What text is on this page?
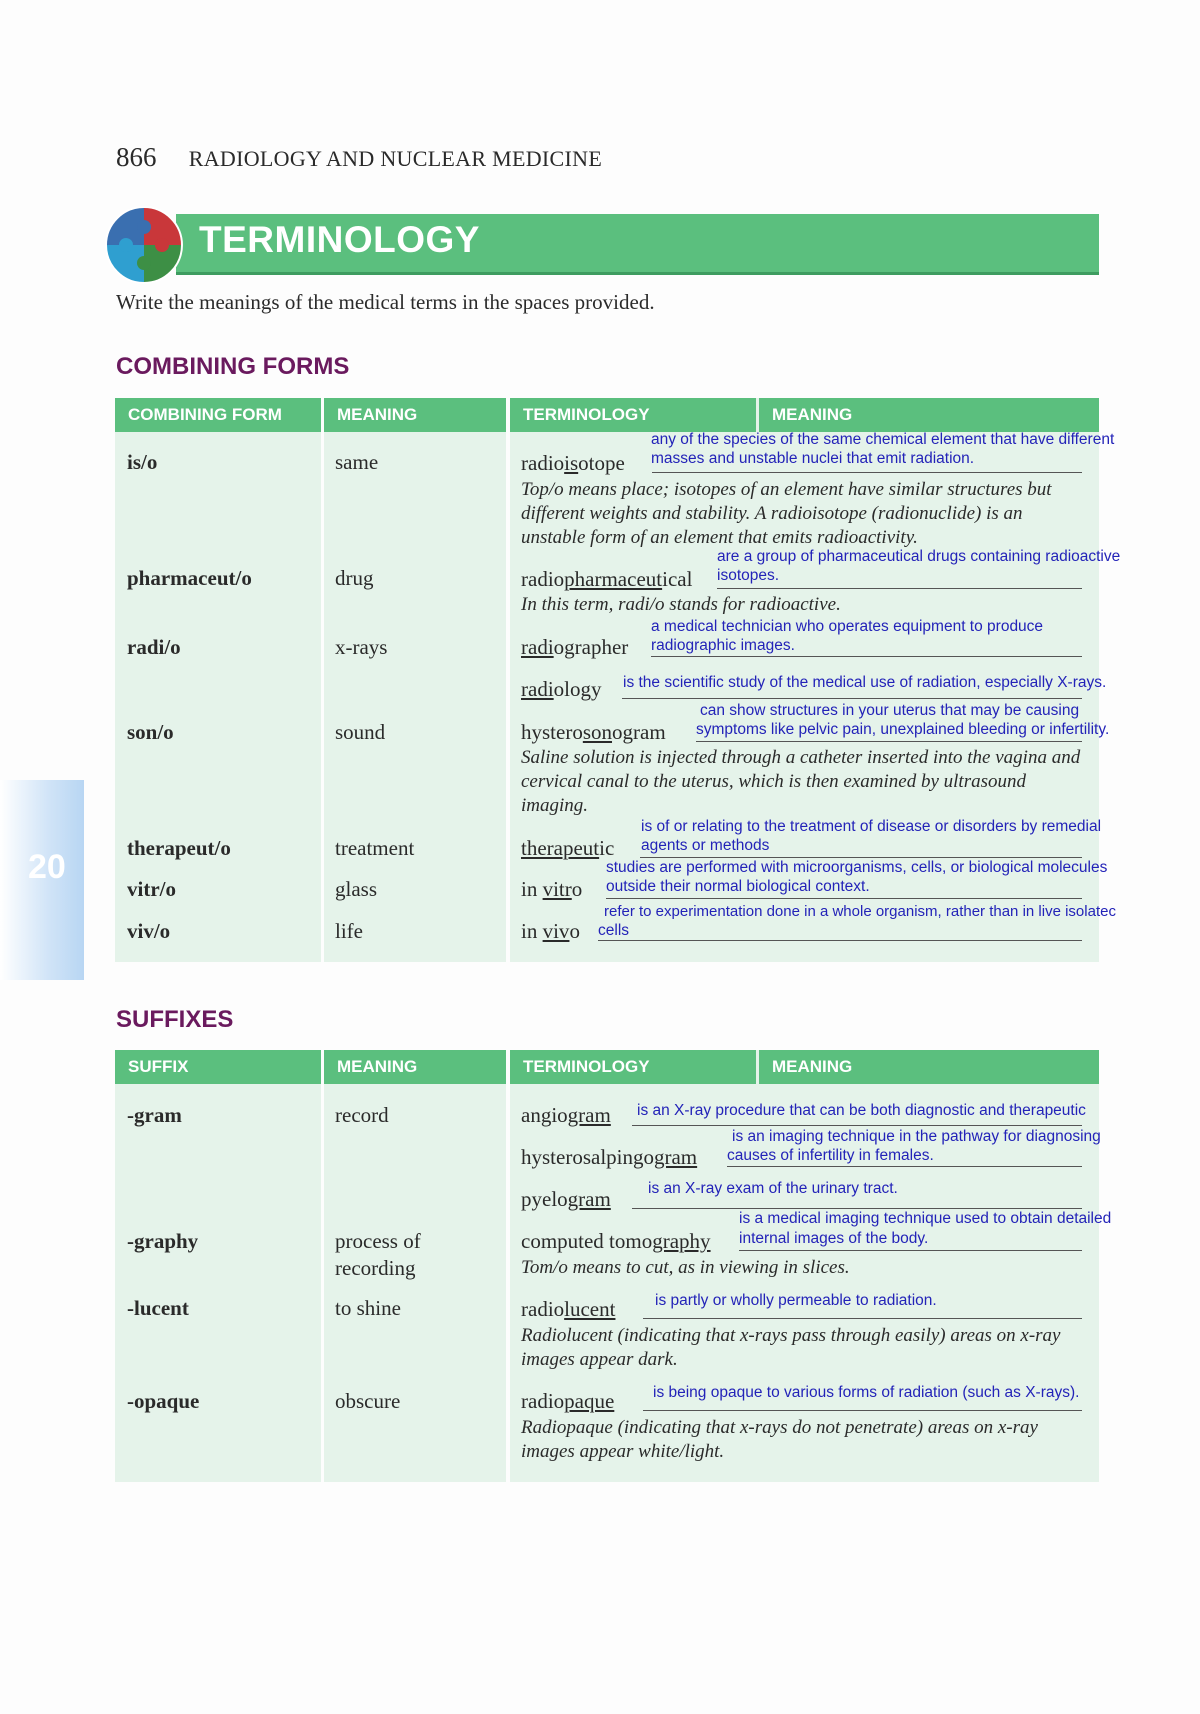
866 RADIOLOGY AND NUCLEAR MEDICINE
TERMINOLOGY
Write the meanings of the medical terms in the spaces provided.
20
COMBINING FORMS
COMBINING FORM	MEANING	TERMINOLOGY	MEANING
is/o	same	radioisotope
any of the species of the same chemical element that have different
masses and unstable nuclei that emit radiation.
Top/o means place; isotopes of an element have similar structures but different weights and stability. A radioisotope (radionuclide) is an unstable form of an element that emits radioactivity.
pharmaceut/o	drug	radiopharmaceutical
are a group of pharmaceutical drugs containing radioactive
isotopes.
In this term, radi/o stands for radioactive.
radi/o	x-rays	radiographer
a medical technician who operates equipment to produce
radiographic images.
radiology is the scientific study of the medical use of radiation, especially X-rays.
son/o	sound	hysterosonogram
can show structures in your uterus that may be causing
symptoms like pelvic pain, unexplained bleeding or infertility.
Saline solution is injected through a catheter inserted into the vagina and cervical canal to the uterus, which is then examined by ultrasound imaging.
therapeut/o	treatment	therapeutic
is of or relating to the treatment of disease or disorders by remedial
agents or methods
vitr/o	glass	in vitro
studies are performed with microorganisms, cells, or biological molecules
outside their normal biological context.
viv/o	life	in vivo
refer to experimentation done in a whole organism, rather than in live isolatec
cells
SUFFIXES
SUFFIX	MEANING	TERMINOLOGY	MEANING
-gram	record	angiogram is an X-ray procedure that can be both diagnostic and therapeutic
hysterosalpingogram
is an imaging technique in the pathway for diagnosing
causes of infertility in females.
pyelogram is an X-ray exam of the urinary tract.
-graphy	process of
recording
computed tomography
is a medical imaging technique used to obtain detailed
internal images of the body.
Tom/o means to cut, as in viewing in slices.
-lucent	to shine	radiolucent	is partly or wholly permeable to radiation.
Radiolucent (indicating that x-rays pass through easily) areas on x-ray images appear dark.
-opaque	obscure	radiopaque is being opaque to various forms of radiation (such as X-rays).
Radiopaque (indicating that x-rays do not penetrate) areas on x-ray images appear white/light.
